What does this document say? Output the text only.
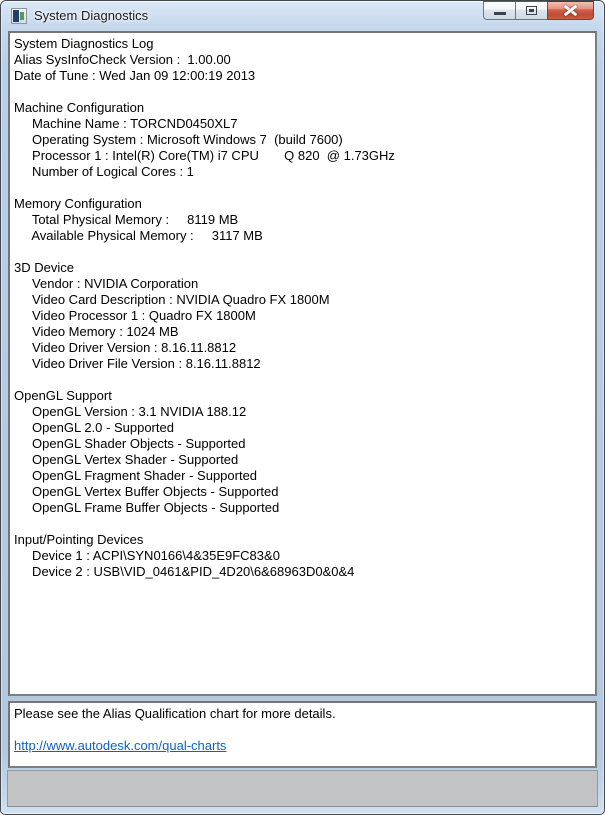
System Diagnostics
System Diagnostics Log
Alias SysInfoCheck Version :  1.00.00
Date of Tune : Wed Jan 09 12:00:19 2013
Machine Configuration
Machine Name : TORCND0450XL7
Operating System : Microsoft Windows 7  (build 7600)
Processor 1 : Intel(R) Core(TM) i7 CPU       Q 820  @ 1.73GHz
Number of Logical Cores : 1
Memory Configuration
Total Physical Memory :     8119 MB
Available Physical Memory :     3117 MB
3D Device
Vendor : NVIDIA Corporation
Video Card Description : NVIDIA Quadro FX 1800M
Video Processor 1 : Quadro FX 1800M
Video Memory : 1024 MB
Video Driver Version : 8.16.11.8812
Video Driver File Version : 8.16.11.8812
OpenGL Support
OpenGL Version : 3.1 NVIDIA 188.12
OpenGL 2.0 - Supported
OpenGL Shader Objects - Supported
OpenGL Vertex Shader - Supported
OpenGL Fragment Shader - Supported
OpenGL Vertex Buffer Objects - Supported
OpenGL Frame Buffer Objects - Supported
Input/Pointing Devices
Device 1 : ACPI\SYN0166\4&35E9FC83&0
Device 2 : USB\VID_0461&PID_4D20\6&68963D0&0&4
Please see the Alias Qualification chart for more details.
http://www.autodesk.com/qual-charts
